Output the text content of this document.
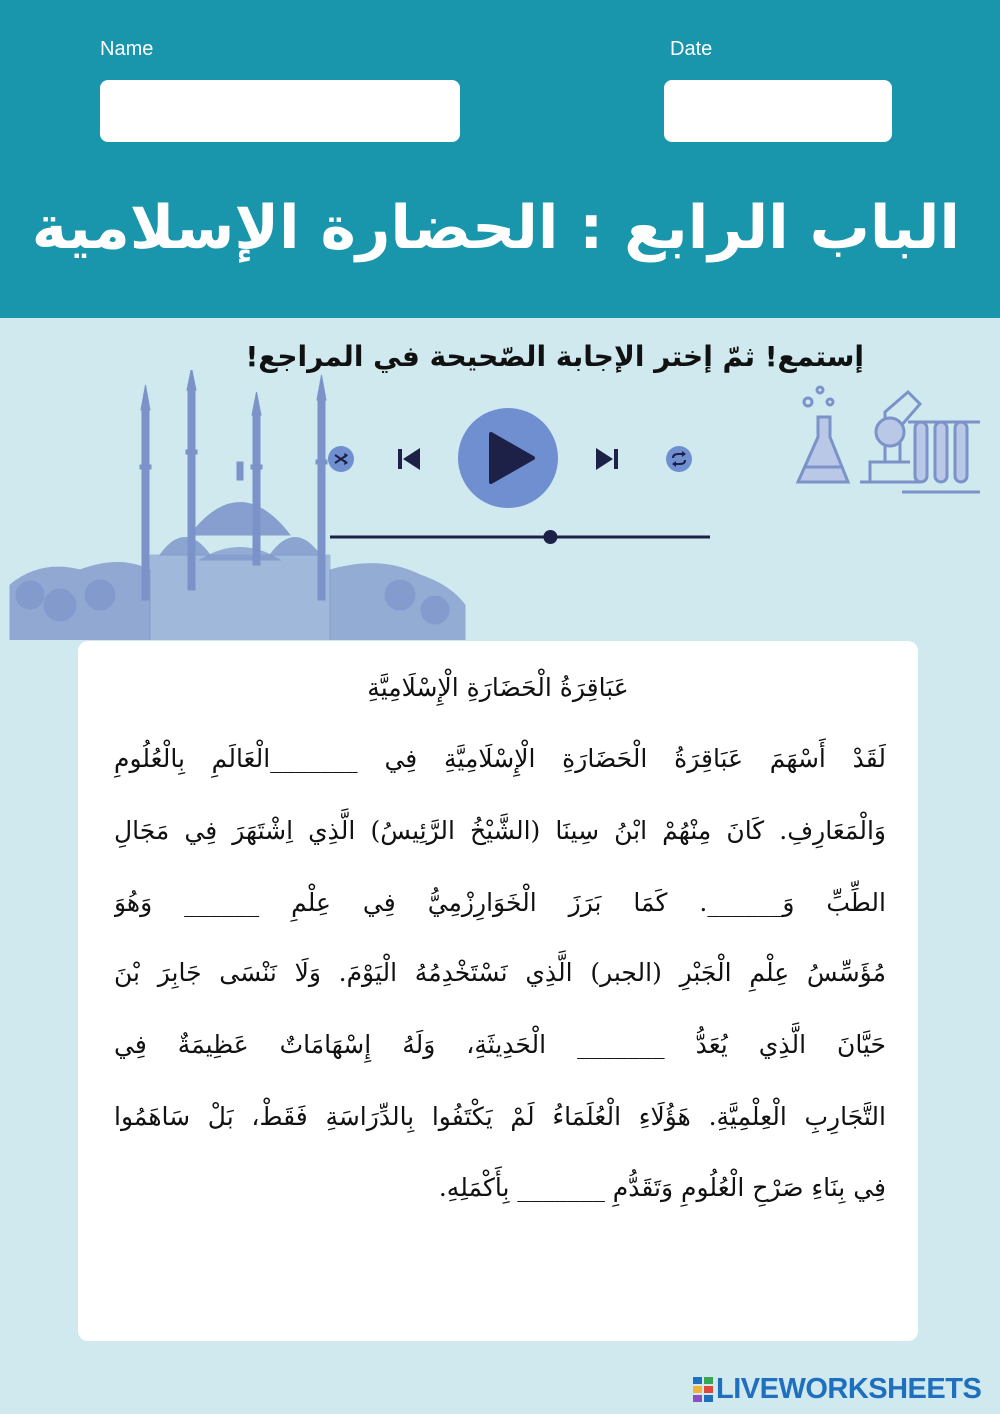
Name	Date
الباب الرابع : الحضارة الإسلامية
إستمع! ثمّ إختر الإجابة الصّحيحة في المراجع!
عَبَاقِرَةُ الْحَضَارَةِ الْإِسْلَامِيَّةِ
لَقَدْ أَسْهَمَ عَبَاقِرَةُ الْحَضَارَةِ الْإِسْلَامِيَّةِ فِي _______الْعَالَمِ بِالْعُلُومِ
وَالْمَعَارِفِ. كَانَ مِنْهُمْ ابْنُ سِينَا (الشَّيْخُ الرَّئِيسُ) الَّذِي اِشْتَهَرَ فِي مَجَالِ
الطِّبِّ وَ______. كَمَا بَرَزَ الْخَوَارِزْمِيُّ فِي عِلْمِ ______ وَهُوَ
مُؤَسِّسُ عِلْمِ الْجَبْرِ (الجبر) الَّذِي نَسْتَخْدِمُهُ الْيَوْمَ. وَلَا نَنْسَى جَابِرَ بْنَ
حَيَّانَ الَّذِي يُعَدُّ _______ الْحَدِيثَةِ، وَلَهُ إِسْهَامَاتٌ عَظِيمَةٌ فِي
التَّجَارِبِ الْعِلْمِيَّةِ. هَؤُلَاءِ الْعُلَمَاءُ لَمْ يَكْتَفُوا بِالدِّرَاسَةِ فَقَطْ، بَلْ سَاهَمُوا
فِي بِنَاءِ صَرْحِ الْعُلُومِ وَتَقَدُّمِ _______ بِأَكْمَلِهِ.
LIVEWORKSHEETS
